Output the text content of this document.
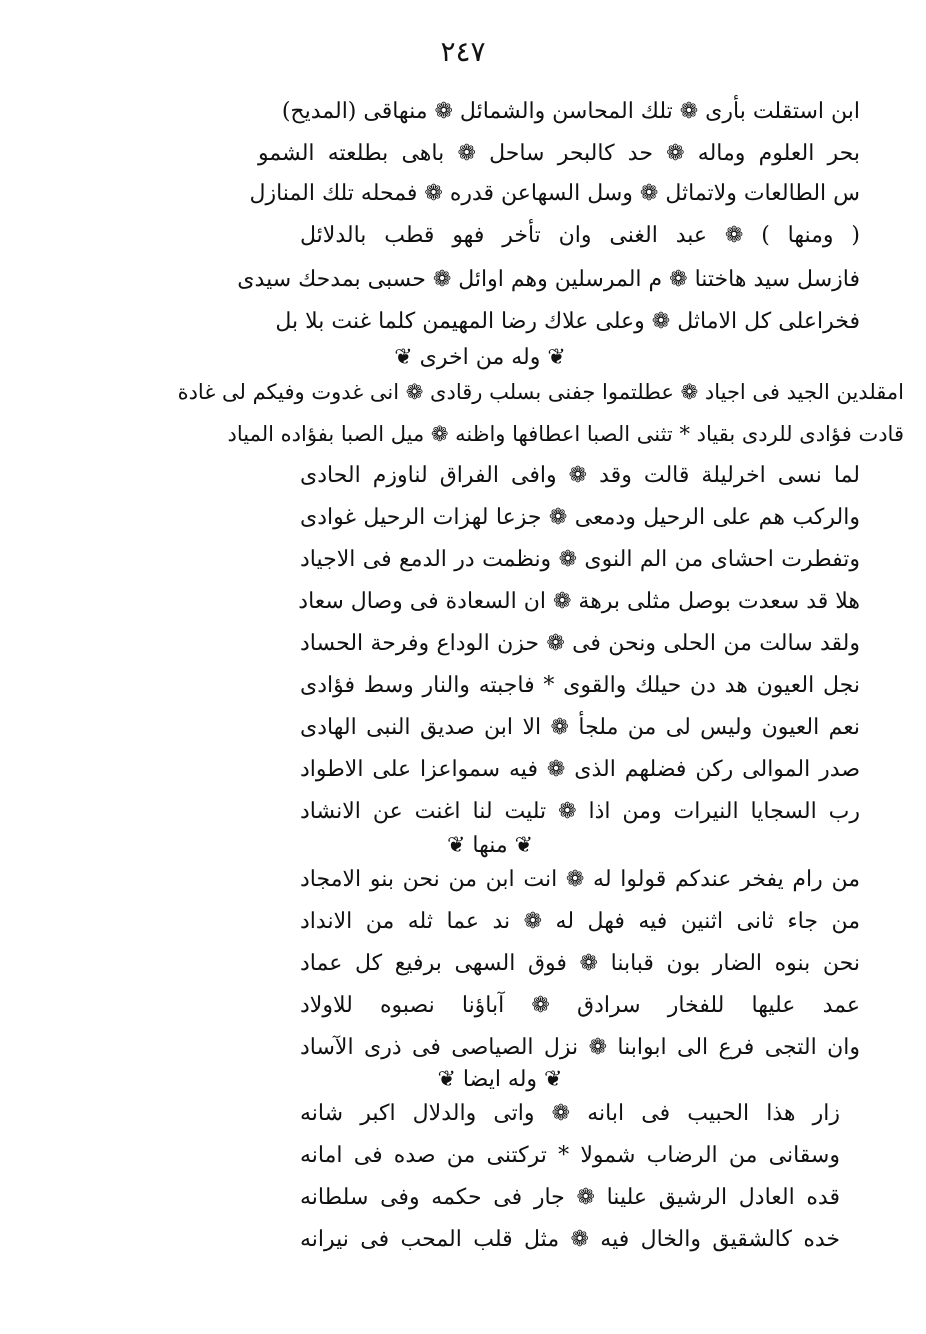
٢٤٧
ابن استقلت بأرى ❁ تلك المحاسن والشمائل ❁ منهاقى (المديح)
بحر العلوم وماله ❁ حد كالبحر ساحل ❁ باهى بطلعته الشمو
س الطالعات ولاتماثل ❁ وسل السهاعن قدره ❁ فمحله تلك المنازل
( ومنها ) ❁ عبد الغنى وان تأخر فهو قطب بالدلائل
فازسل سيد هاختنا ❁ م المرسلين وهم اوائل ❁ حسبى بمدحك سيدى
فخراعلى كل الاماثل ❁ وعلى علاك رضا المهيمن كلما غنت بلا بل
❦ وله من اخرى ❦
امقلدين الجيد فى اجياد ❁ عطلتموا جفنى بسلب رقادى ❁ انى غدوت وفيكم لى غادة
قادت فؤادى للردى بقياد * تثنى الصبا اعطافها واظنه ❁ ميل الصبا بفؤاده المياد
لما نسى اخرليلة قالت وقد ❁ وافى الفراق لناوزم الحادى
والركب هم على الرحيل ودمعى ❁ جزعا لهزات الرحيل غوادى
وتفطرت احشاى من الم النوى ❁ ونظمت در الدمع فى الاجياد
هلا قد سعدت بوصل مثلى برهة ❁ ان السعادة فى وصال سعاد
ولقد سالت من الحلى ونحن فى ❁ حزن الوداع وفرحة الحساد
نجل العيون هد دن حيلك والقوى * فاجبته والنار وسط فؤادى
نعم العيون وليس لى من ملجأ ❁ الا ابن صديق النبى الهادى
صدر الموالى ركن فضلهم الذى ❁ فيه سمواعزا على الاطواد
رب السجايا النيرات ومن اذا ❁ تليت لنا اغنت عن الانشاد
❦ منها ❦
من رام يفخر عندكم قولوا له ❁ انت ابن من نحن بنو الامجاد
من جاء ثانى اثنين فيه فهل له ❁ ند عما ثله من الانداد
نحن بنوه الضار بون قبابنا ❁ فوق السهى برفيع كل عماد
عمد عليها للفخار سرادق ❁ آباؤنا نصبوه للاولاد
وان التجى فرع الى ابوابنا ❁ نزل الصياصى فى ذرى الآساد
❦ وله ايضا ❦
زار هذا الحبيب فى ابانه ❁ واتى والدلال اكبر شانه
وسقانى من الرضاب شمولا * تركتنى من صده فى امانه
قده العادل الرشيق علينا ❁ جار فى حكمه وفى سلطانه
خده كالشقيق والخال فيه ❁ مثل قلب المحب فى نيرانه
